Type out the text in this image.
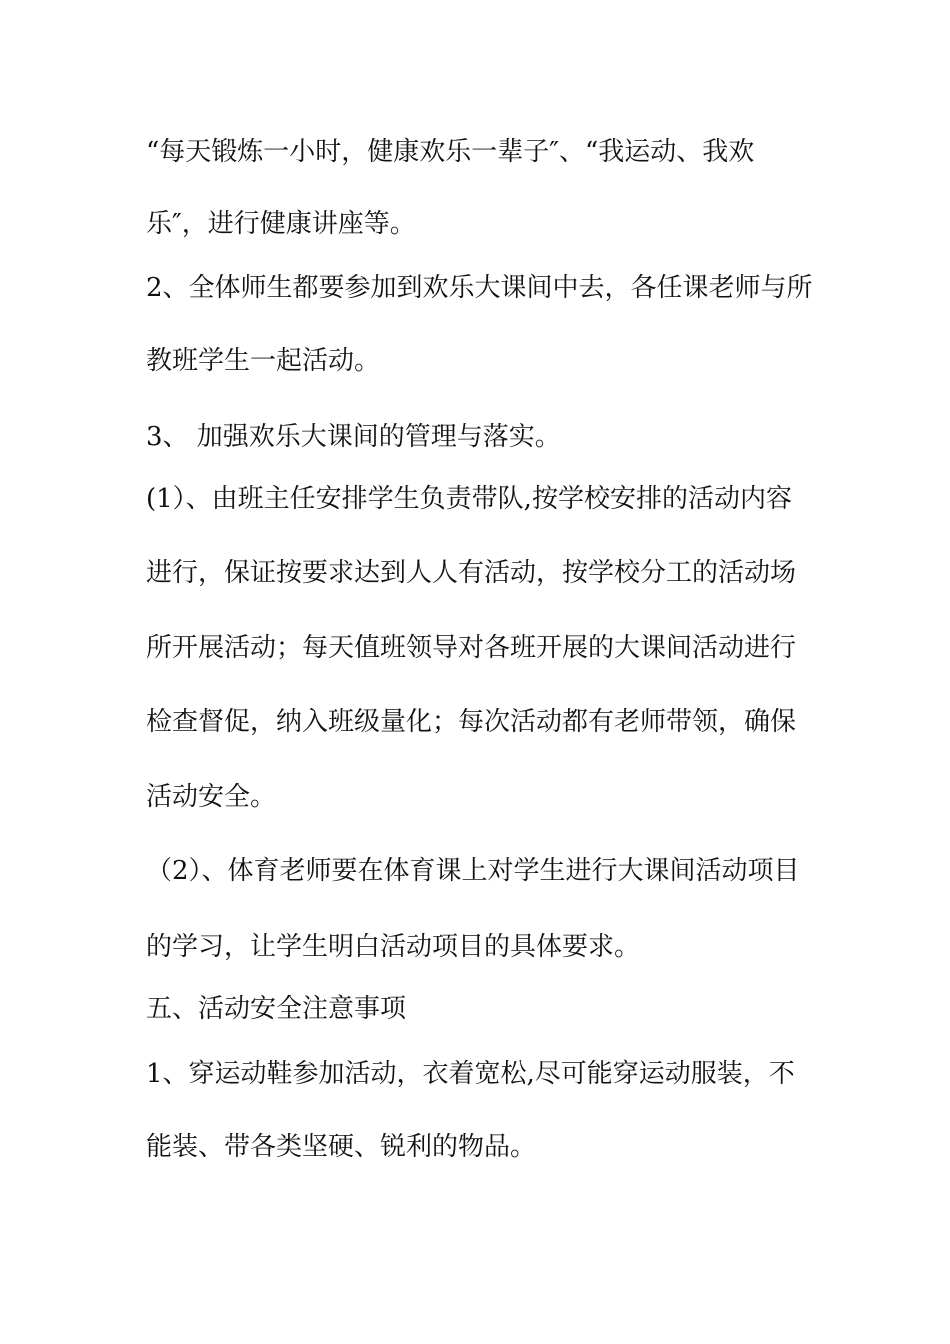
“每天锻炼一小时，健康欢乐一辈子″、“我运动、我欢
乐″，进行健康讲座等。
2、全体师生都要参加到欢乐大课间中去，各任课老师与所
教班学生一起活动。
3、 加强欢乐大课间的管理与落实。
(1）、由班主任安排学生负责带队,按学校安排的活动内容
进行，保证按要求达到人人有活动，按学校分工的活动场
所开展活动；每天值班领导对各班开展的大课间活动进行
检查督促，纳入班级量化；每次活动都有老师带领，确保
活动安全。
（2）、体育老师要在体育课上对学生进行大课间活动项目
的学习，让学生明白活动项目的具体要求。
五、活动安全注意事项
1、穿运动鞋参加活动，衣着宽松,尽可能穿运动服装，不
能装、带各类坚硬、锐利的物品。
